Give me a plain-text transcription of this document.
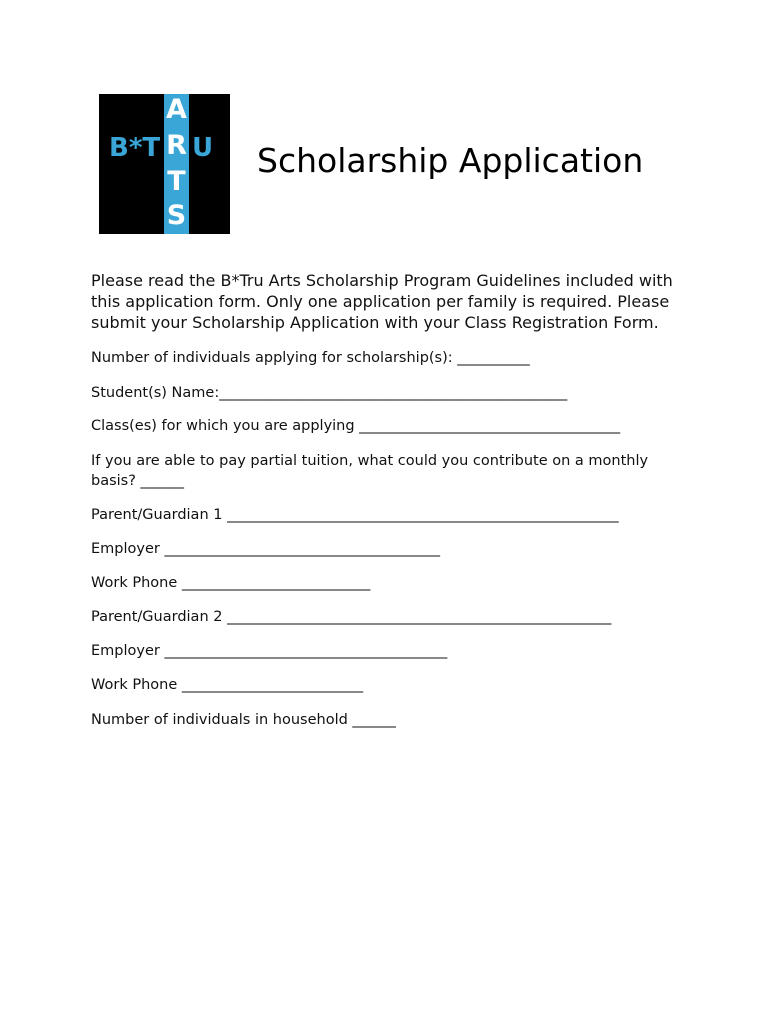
A
R
T
S
B*T U Scholarship Application
Please read the B*Tru Arts Scholarship Program Guidelines included with this application form. Only one application per family is required. Please submit your Scholarship Application with your Class Registration Form.
Number of individuals applying for scholarship(s): __________
Student(s) Name:________________________________________________
Class(es) for which you are applying ____________________________________
If you are able to pay partial tuition, what could you contribute on a monthly basis? ______
Parent/Guardian 1 ______________________________________________________
Employer ______________________________________
Work Phone __________________________
Parent/Guardian 2 _____________________________________________________
Employer _______________________________________
Work Phone _________________________
Number of individuals in household ______
